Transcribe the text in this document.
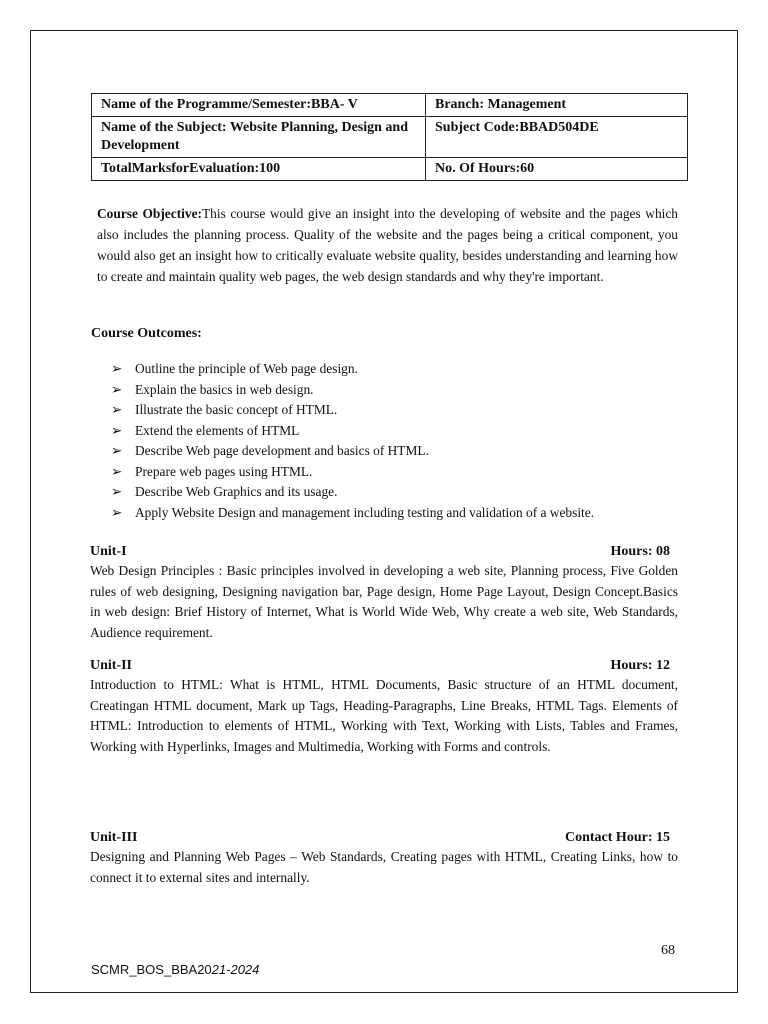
Name of the Programme/Semester:BBA- V	Branch: Management
Name of the Subject: Website Planning, Design and Development	Subject Code:BBAD504DE
TotalMarksforEvaluation:100	No. Of Hours:60
Course Objective:This course would give an insight into the developing of website and the pages which also includes the planning process. Quality of the website and the pages being a critical component, you would also get an insight how to critically evaluate website quality, besides understanding and learning how to create and maintain quality web pages, the web design standards and why they're important.
Course Outcomes:
➢ Outline the principle of Web page design.
➢ Explain the basics in web design.
➢ Illustrate the basic concept of HTML.
➢ Extend the elements of HTML
➢ Describe Web page development and basics of HTML.
➢ Prepare web pages using HTML.
➢ Describe Web Graphics and its usage.
➢ Apply Website Design and management including testing and validation of a website.
Unit-I	Hours: 08
Web Design Principles : Basic principles involved in developing a web site, Planning process, Five Golden rules of web designing, Designing navigation bar, Page design, Home Page Layout, Design Concept.Basics in web design: Brief History of Internet, What is World Wide Web, Why create a web site, Web Standards, Audience requirement.
Unit-II	Hours: 12
Introduction to HTML: What is HTML, HTML Documents, Basic structure of an HTML document, Creatingan HTML document, Mark up Tags, Heading-Paragraphs, Line Breaks, HTML Tags. Elements of HTML: Introduction to elements of HTML, Working with Text, Working with Lists, Tables and Frames, Working with Hyperlinks, Images and Multimedia, Working with Forms and controls.
Unit-III	Contact Hour: 15
Designing and Planning Web Pages – Web Standards, Creating pages with HTML, Creating Links, how to connect it to external sites and internally.
68
SCMR_BOS_BBA2021-2024
